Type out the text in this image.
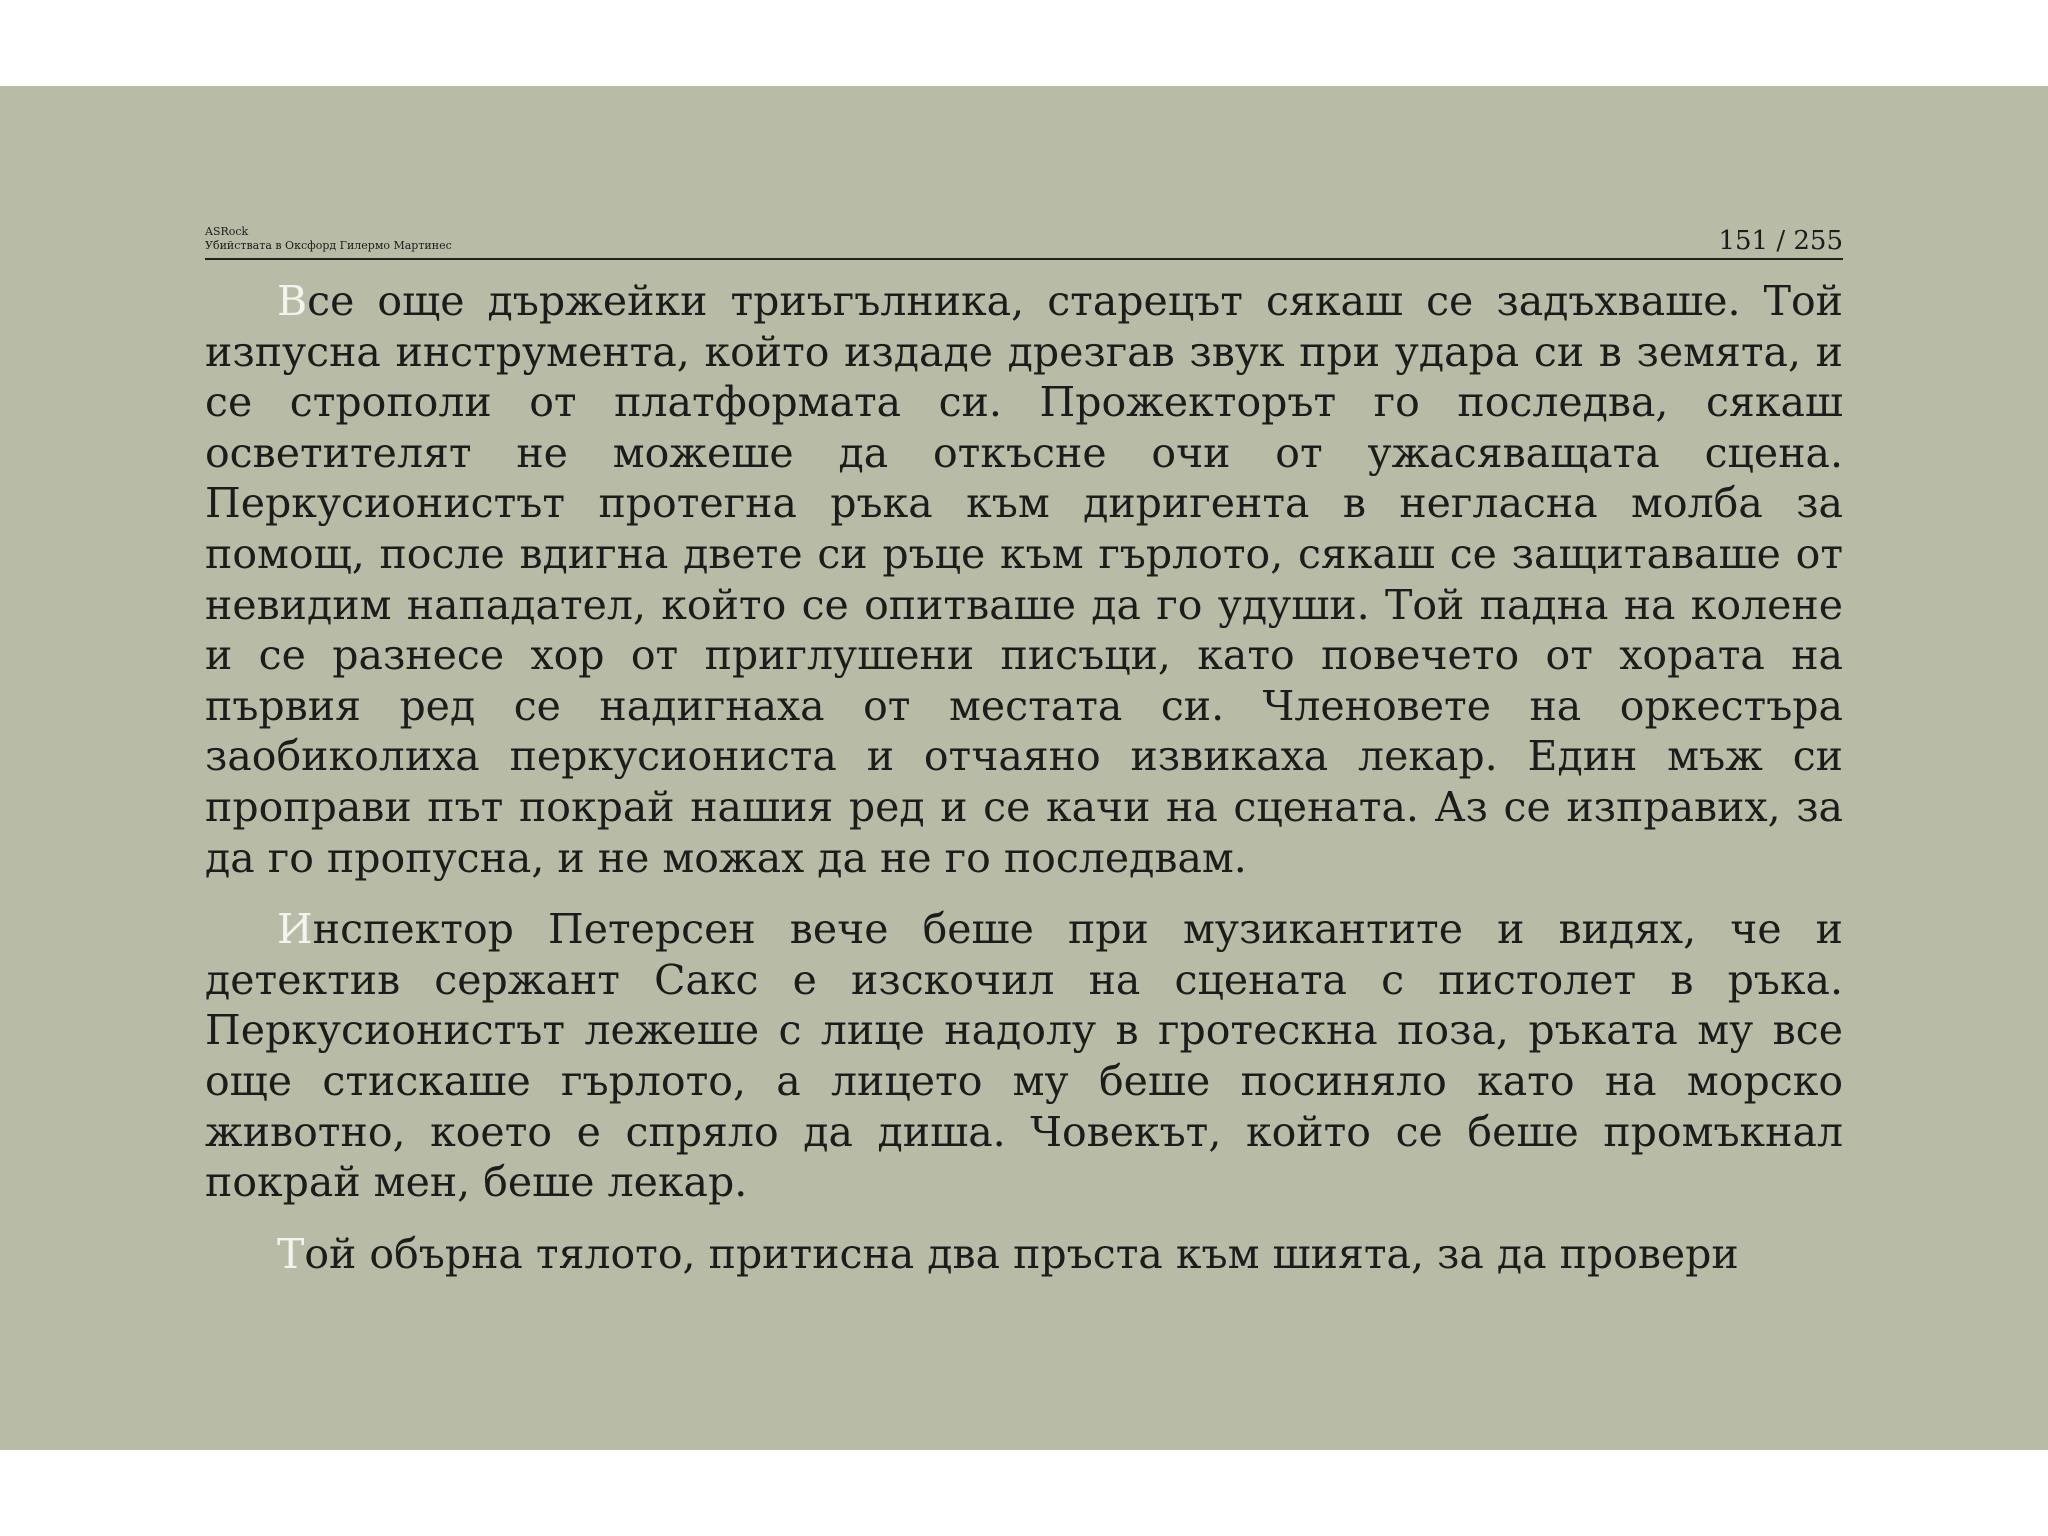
ASRock
Убийствата в Оксфорд Гилермо Мартинес	151 / 255

Все още държейки триъгълника, старецът сякаш се задъхваше. Той изпусна инструмента, който издаде дрезгав звук при удара си в земята, и се строполи от платформата си. Прожекторът го последва, сякаш осветителят не можеше да откъсне очи от ужасяващата сцена. Перкусионистът протегна ръка към диригента в негласна молба за помощ, после вдигна двете си ръце към гърлото, сякаш се защитаваше от невидим нападател, който се опитваше да го удуши. Той падна на колене и се разнесе хор от приглушени писъци, като повечето от хората на първия ред се надигнаха от местата си. Членовете на оркестъра заобиколиха перкусиониста и отчаяно извикаха лекар. Един мъж си проправи път покрай нашия ред и се качи на сцената. Аз се изправих, за да го пропусна, и не можах да не го последвам.

Инспектор Петерсен вече беше при музикантите и видях, че и детектив сержант Сакс е изскочил на сцената с пистолет в ръка. Перкусионистът лежеше с лице надолу в гротескна поза, ръката му все още стискаше гърлото, а лицето му беше посиняло като на морско животно, което е спряло да диша. Човекът, който се беше промъкнал покрай мен, беше лекар.

Той обърна тялото, притисна два пръста към шията, за да провери
